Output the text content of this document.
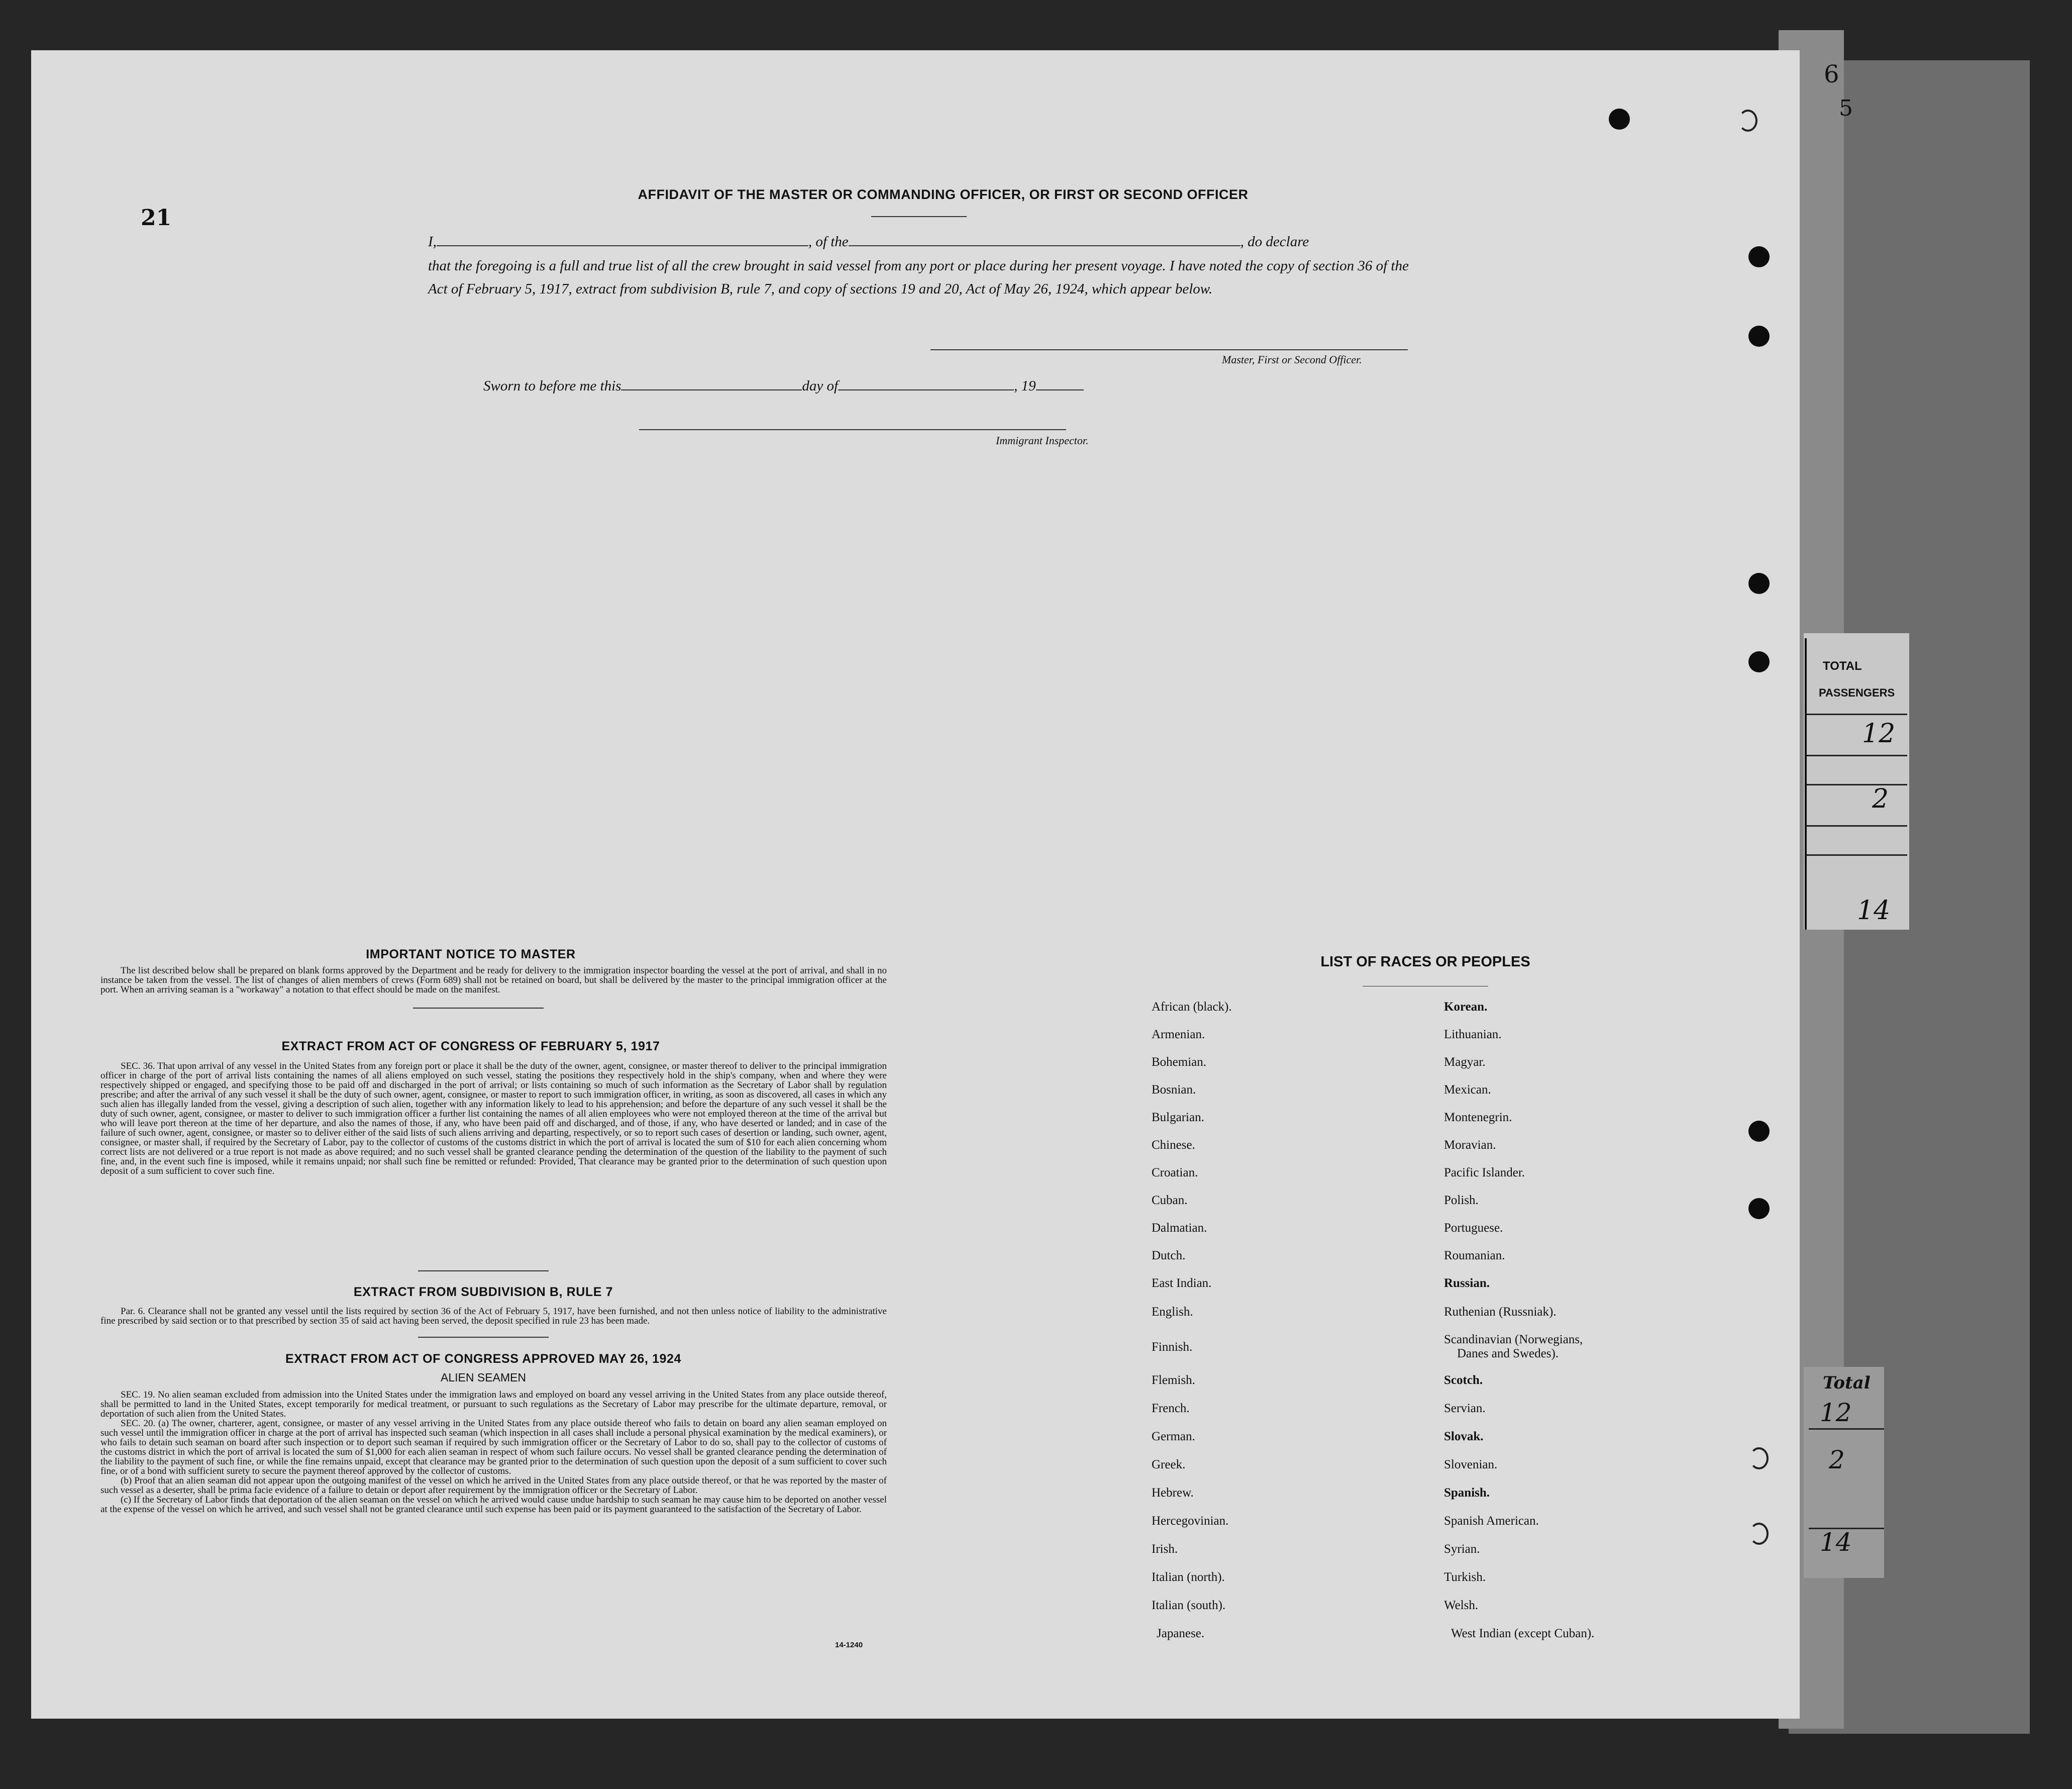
TOTAL
PASSENGERS
12
2
14
Total
12
2
14
21
AFFIDAVIT OF THE MASTER OR COMMANDING OFFICER, OR FIRST OR SECOND OFFICER
I,	, of the	, do declare
that the foregoing is a full and true list of all the crew brought in said vessel from any port or place during her present voyage. I have noted the copy of section 36 of the Act of February 5, 1917, extract from subdivision B, rule 7, and copy of sections 19 and 20, Act of May 26, 1924, which appear below.
Master, First or Second Officer.
Sworn to before me this	day of	, 19
Immigrant Inspector.
IMPORTANT NOTICE TO MASTER

The list described below shall be prepared on blank forms approved by the Department and be ready for delivery to the immigration inspector boarding the vessel at the port of arrival, and shall in no instance be taken from the vessel. The list of changes of alien members of crews (Form 689) shall not be retained on board, but shall be delivered by the master to the principal immigration officer at the port. When an arriving seaman is a "workaway" a notation to that effect should be made on the manifest.

EXTRACT FROM ACT OF CONGRESS OF FEBRUARY 5, 1917

SEC. 36. That upon arrival of any vessel in the United States from any foreign port or place it shall be the duty of the owner, agent, consignee, or master thereof to deliver to the principal immigration officer in charge of the port of arrival lists containing the names of all aliens employed on such vessel, stating the positions they respectively hold in the ship's company, when and where they were respectively shipped or engaged, and specifying those to be paid off and discharged in the port of arrival; or lists containing so much of such information as the Secretary of Labor shall by regulation prescribe; and after the arrival of any such vessel it shall be the duty of such owner, agent, consignee, or master to report to such immigration officer, in writing, as soon as discovered, all cases in which any such alien has illegally landed from the vessel, giving a description of such alien, together with any information likely to lead to his apprehension; and before the departure of any such vessel it shall be the duty of such owner, agent, consignee, or master to deliver to such immigration officer a further list containing the names of all alien employees who were not employed thereon at the time of the arrival but who will leave port thereon at the time of her departure, and also the names of those, if any, who have been paid off and discharged, and of those, if any, who have deserted or landed; and in case of the failure of such owner, agent, consignee, or master so to deliver either of the said lists of such aliens arriving and departing, respectively, or so to report such cases of desertion or landing, such owner, agent, consignee, or master shall, if required by the Secretary of Labor, pay to the collector of customs of the customs district in which the port of arrival is located the sum of $10 for each alien concerning whom correct lists are not delivered or a true report is not made as above required; and no such vessel shall be granted clearance pending the determination of the question of the liability to the payment of such fine, and, in the event such fine is imposed, while it remains unpaid; nor shall such fine be remitted or refunded: Provided, That clearance may be granted prior to the determination of such question upon deposit of a sum sufficient to cover such fine.

EXTRACT FROM SUBDIVISION B, RULE 7

Par. 6. Clearance shall not be granted any vessel until the lists required by section 36 of the Act of February 5, 1917, have been furnished, and not then unless notice of liability to the administrative fine prescribed by said section or to that prescribed by section 35 of said act having been served, the deposit specified in rule 23 has been made.

EXTRACT FROM ACT OF CONGRESS APPROVED MAY 26, 1924
ALIEN SEAMEN

SEC. 19. No alien seaman excluded from admission into the United States under the immigration laws and employed on board any vessel arriving in the United States from any place outside thereof, shall be permitted to land in the United States, except temporarily for medical treatment, or pursuant to such regulations as the Secretary of Labor may prescribe for the ultimate departure, removal, or deportation of such alien from the United States.

SEC. 20. (a) The owner, charterer, agent, consignee, or master of any vessel arriving in the United States from any place outside thereof who fails to detain on board any alien seaman employed on such vessel until the immigration officer in charge at the port of arrival has inspected such seaman (which inspection in all cases shall include a personal physical examination by the medical examiners), or who fails to detain such seaman on board after such inspection or to deport such seaman if required by such immigration officer or the Secretary of Labor to do so, shall pay to the collector of customs of the customs district in which the port of arrival is located the sum of $1,000 for each alien seaman in respect of whom such failure occurs. No vessel shall be granted clearance pending the determination of the liability to the payment of such fine, or while the fine remains unpaid, except that clearance may be granted prior to the determination of such question upon the deposit of a sum sufficient to cover such fine, or of a bond with sufficient surety to secure the payment thereof approved by the collector of customs.

(b) Proof that an alien seaman did not appear upon the outgoing manifest of the vessel on which he arrived in the United States from any place outside thereof, or that he was reported by the master of such vessel as a deserter, shall be prima facie evidence of a failure to detain or deport after requirement by the immigration officer or the Secretary of Labor.

(c) If the Secretary of Labor finds that deportation of the alien seaman on the vessel on which he arrived would cause undue hardship to such seaman he may cause him to be deported on another vessel at the expense of the vessel on which he arrived, and such vessel shall not be granted clearance until such expense has been paid or its payment guaranteed to the satisfaction of the Secretary of Labor.

14-1240
LIST OF RACES OR PEOPLES
African (black).
Armenian.
Bohemian.
Bosnian.
Bulgarian.
Chinese.
Croatian.
Cuban.
Dalmatian.
Dutch.
East Indian.
English.
Finnish.
Flemish.
French.
German.
Greek.
Hebrew.
Hercegovinian.
Irish.
Italian (north).
Italian (south).
Japanese.
Korean.
Lithuanian.
Magyar.
Mexican.
Montenegrin.
Moravian.
Pacific Islander.
Polish.
Portuguese.
Roumanian.
Russian.
Ruthenian (Russniak).
Scandinavian (Norwegians,
Danes and Swedes).
Scotch.
Servian.
Slovak.
Slovenian.
Spanish.
Spanish American.
Syrian.
Turkish.
Welsh.
West Indian (except Cuban).
6
5
